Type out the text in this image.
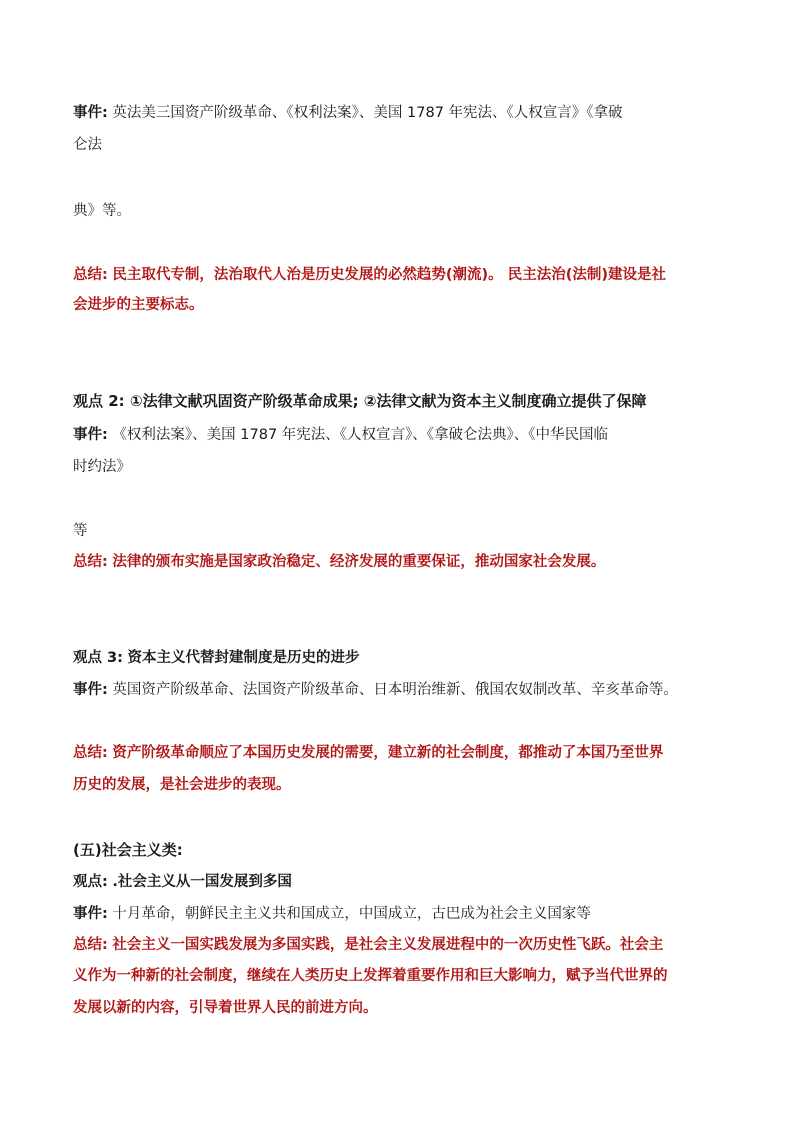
事件: 英法美三国资产阶级革命、《权利法案》、美国 1787 年宪法、《人权宣言》《拿破
仑法
典》等。
总结: 民主取代专制，法治取代人治是历史发展的必然趋势(潮流)。 民主法治(法制)建设是社
会进步的主要标志。
观点 2: ①法律文献巩固资产阶级革命成果; ②法律文献为资本主义制度确立提供了保障
事件: 《权利法案》、美国 1787 年宪法、《人权宣言》、《拿破仑法典》、《中华民国临
时约法》
等
总结: 法律的颁布实施是国家政治稳定、经济发展的重要保证，推动国家社会发展。
观点 3: 资本主义代替封建制度是历史的进步
事件: 英国资产阶级革命、法国资产阶级革命、日本明治维新、俄国农奴制改革、辛亥革命等。
总结: 资产阶级革命顺应了本国历史发展的需要，建立新的社会制度，都推动了本国乃至世界
历史的发展，是社会进步的表现。
(五)社会主义类:
观点: .社会主义从一国发展到多国
事件: 十月革命，朝鲜民主主义共和国成立，中国成立，古巴成为社会主义国家等
总结: 社会主义一国实践发展为多国实践，是社会主义发展进程中的一次历史性飞跃。社会主
义作为一种新的社会制度，继续在人类历史上发挥着重要作用和巨大影响力，赋予当代世界的
发展以新的内容，引导着世界人民的前进方向。
